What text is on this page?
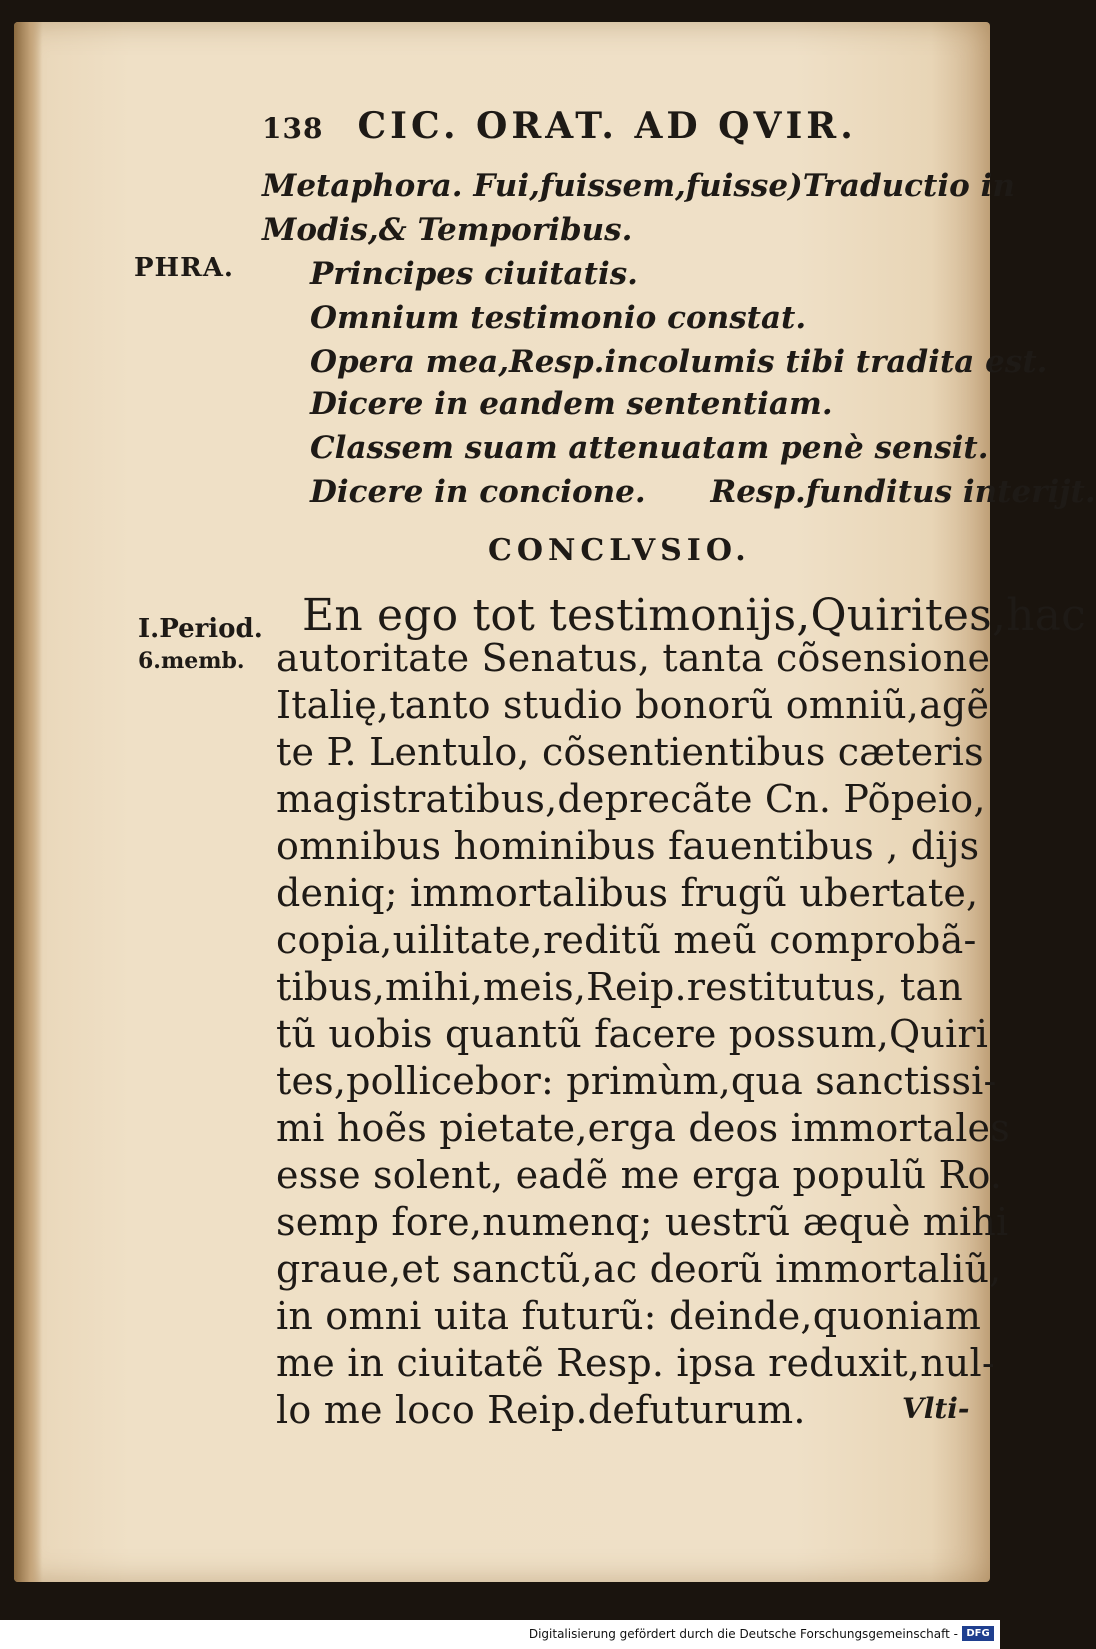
138 CIC. ORAT. AD QVIR.
Metaphora. Fui,fuissem,fuisse)Traductio in
Modis,& Temporibus.
PHRA. Principes ciuitatis.
Omnium testimonio constat.
Opera mea,Resp.incolumis tibi tradita est.
Dicere in eandem sententiam.
Classem suam attenuatam penè sensit.
Dicere in concione.      Resp.funditus interijt.
CONCLVSIO.
I.Period.
6.memb.
En ego tot testimonijs,Quirites,hac
autoritate Senatus, tanta cõsensione
Italię,tanto studio bonorũ omniũ,agẽ
te P. Lentulo, cõsentientibus cæteris
magistratibus,deprecãte Cn. Põpeio,
omnibus hominibus fauentibus , dijs
deniq; immortalibus frugũ ubertate,
copia,uilitate,reditũ meũ comprobã-
tibus,mihi,meis,Reip.restitutus, tan
tũ uobis quantũ facere possum,Quiri
tes,pollicebor: primùm,qua sanctissi-
mi hoẽs pietate,erga deos immortales
esse solent, eadẽ me erga populũ Ro.
semp fore,numenq; uestrũ æquè mihi
graue,et sanctũ,ac deorũ immortaliũ,
in omni uita futurũ: deinde,quoniam
me in ciuitatẽ Resp. ipsa reduxit,nul-
lo me loco Reip.defuturum.	Vlti-
Digitalisierung gefördert durch die Deutsche Forschungsgemeinschaft - DFG
